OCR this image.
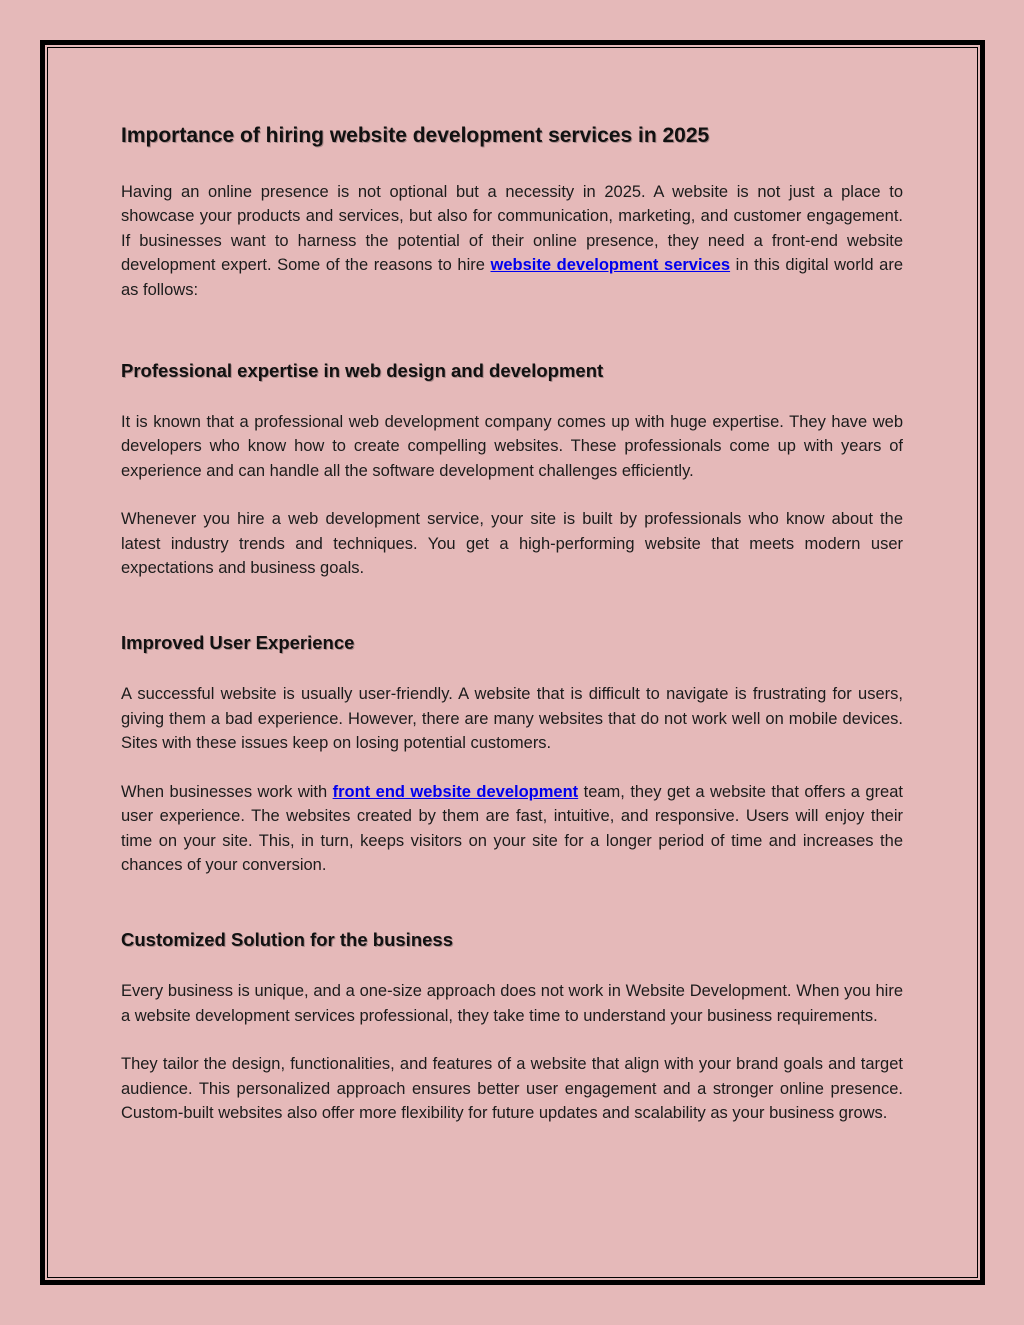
Importance of hiring website development services in 2025

Having an online presence is not optional but a necessity in 2025. A website is not just a place to showcase your products and services, but also for communication, marketing, and customer engagement. If businesses want to harness the potential of their online presence, they need a front-end website development expert. Some of the reasons to hire website development services in this digital world are as follows:

Professional expertise in web design and development

It is known that a professional web development company comes up with huge expertise. They have web developers who know how to create compelling websites. These professionals come up with years of experience and can handle all the software development challenges efficiently.

Whenever you hire a web development service, your site is built by professionals who know about the latest industry trends and techniques. You get a high-performing website that meets modern user expectations and business goals.

Improved User Experience

A successful website is usually user-friendly. A website that is difficult to navigate is frustrating for users, giving them a bad experience. However, there are many websites that do not work well on mobile devices. Sites with these issues keep on losing potential customers.

When businesses work with front end website development team, they get a website that offers a great user experience. The websites created by them are fast, intuitive, and responsive. Users will enjoy their time on your site. This, in turn, keeps visitors on your site for a longer period of time and increases the chances of your conversion.

Customized Solution for the business

Every business is unique, and a one-size approach does not work in Website Development. When you hire a website development services professional, they take time to understand your business requirements.

They tailor the design, functionalities, and features of a website that align with your brand goals and target audience. This personalized approach ensures better user engagement and a stronger online presence. Custom-built websites also offer more flexibility for future updates and scalability as your business grows.
